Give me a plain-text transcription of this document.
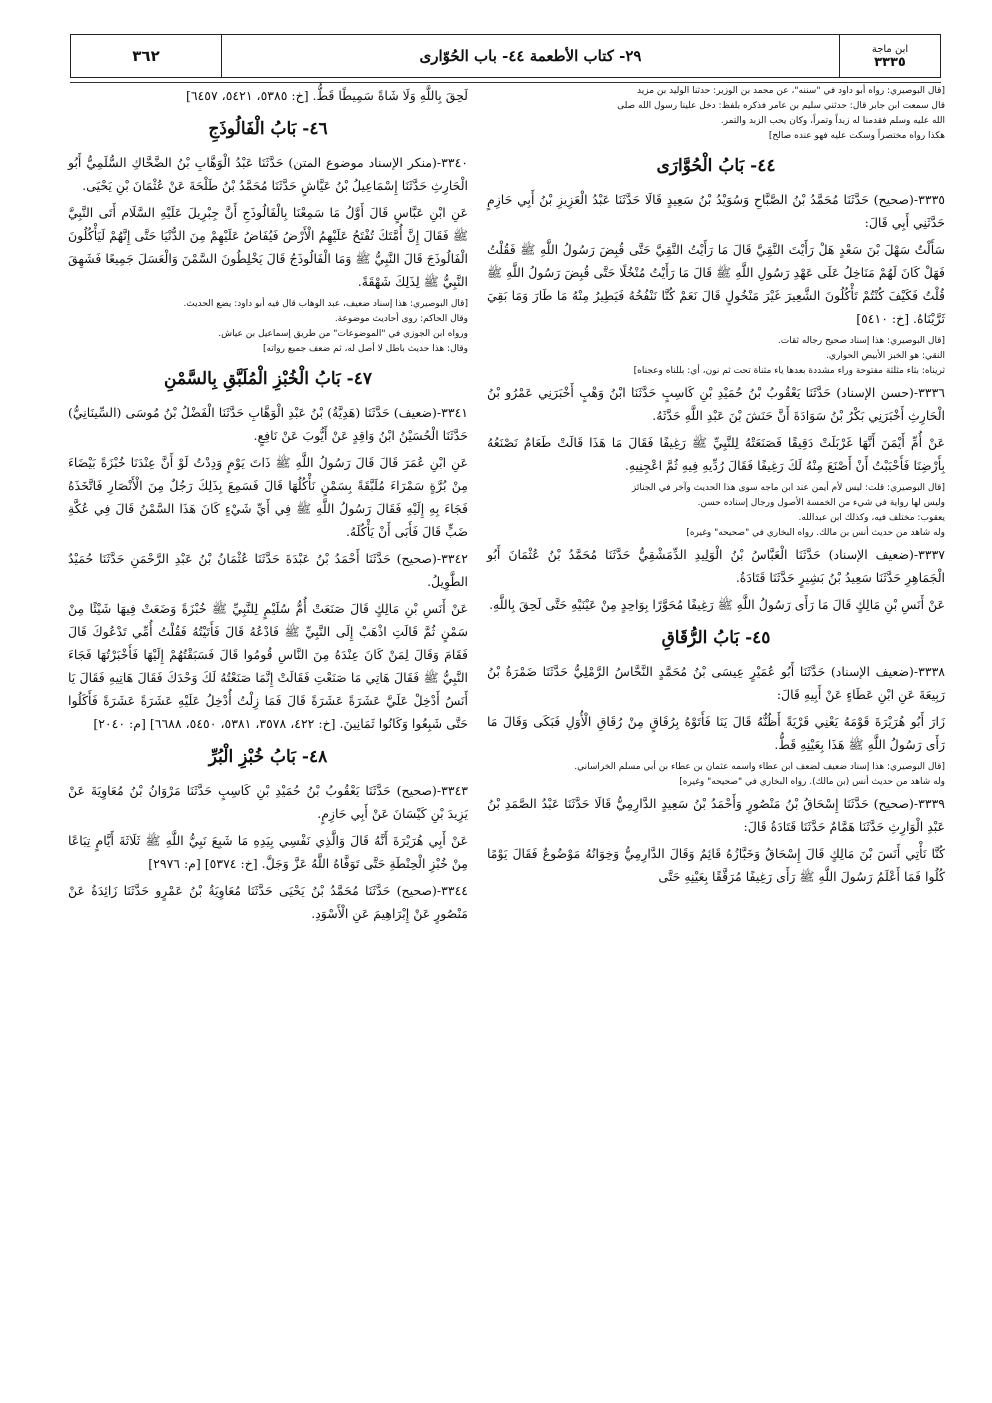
ابن ماجة
٣٣٣٥
٢٩- كتاب الأطعمة ٤٤- باب الحُوّارى
٣٦٢

[قال البوصيري: رواه أبو داود في "سننه"، عن محمد بن الوزير: حدثنا الوليد بن مزيد

قال سمعت ابن جابر قال: حدثني سليم بن عامر فذكره بلفظ: دخل علينا رسول الله صلى

الله عليه وسلم فقدمنا له زبداً وتمراً، وكان يحب الزبد والتمر.

هكذا رواه مختصراً وسكت عليه فهو عنده صالح]

٤٤- بَابُ الْحُوَّارَى

٣٣٣٥-(صحيح) حَدَّثَنَا مُحَمَّدُ بْنُ الصَّبَّاحِ وَسُوَيْدُ بْنُ سَعِيدٍ قَالَا حَدَّثَنَا عَبْدُ الْعَزِيزِ بْنُ أَبِي حَازِمٍ حَدَّثَنِي أَبِي قَالَ:

سَأَلْتُ سَهْلَ بْنَ سَعْدٍ هَلْ رَأَيْتَ النَّقِيَّ قَالَ مَا رَأَيْتُ النَّقِيَّ حَتَّى قُبِضَ رَسُولُ اللَّهِ ﷺ فَقُلْتُ فَهَلْ كَانَ لَهُمْ مَنَاخِلُ عَلَى عَهْدِ رَسُولِ اللَّهِ ﷺ قَالَ مَا رَأَيْتُ مُنْخُلًا حَتَّى قُبِضَ رَسُولُ اللَّهِ ﷺ قُلْتُ فَكَيْفَ كُنْتُمْ تَأْكُلُونَ الشَّعِيرَ غَيْرَ مَنْخُولٍ قَالَ نَعَمْ كُنَّا نَنْفُخُهُ فَيَطِيرُ مِنْهُ مَا طَارَ وَمَا بَقِيَ ثَرَّيْنَاهُ. [خ: ٥٤١٠]

[قال البوصيري: هذا إسناد صحيح رجاله ثقات.

النقي: هو الخبز الأبيض الحواري.

ثريناه: بثاء مثلثة مفتوحة وراء مشددة بعدها ياء مثناة تحت ثم نون، أي: بللناه وعجناه]

٣٣٣٦-(حسن الإسناد) حَدَّثَنَا يَعْقُوبُ بْنُ حُمَيْدِ بْنِ كَاسِبٍ حَدَّثَنَا ابْنُ وَهْبٍ أَخْبَرَنِي عَمْرُو بْنُ الْحَارِثِ أَخْبَرَنِي بَكْرُ بْنُ سَوَادَةَ أَنَّ حَنَشَ بْنَ عَبْدِ اللَّهِ حَدَّثَهُ.

عَنْ أُمِّ أَيْمَنَ أَنَّهَا غَرْبَلَتْ دَقِيقًا فَصَنَعَتْهُ لِلنَّبِيِّ ﷺ رَغِيفًا فَقَالَ مَا هَذَا قَالَتْ طَعَامٌ نَصْنَعُهُ بِأَرْضِنَا فَأَحْبَبْتُ أَنْ أَصْنَعَ مِنْهُ لَكَ رَغِيفًا فَقَالَ رُدِّيهِ فِيهِ ثُمَّ اعْجِنِيهِ.

[قال البوصيري: قلت: ليس لأم أيمن عند ابن ماجه سوى هذا الحديث وآخر في الجنائز

وليس لها رواية في شيء من الخمسة الأصول ورجال إسناده حسن.

يعقوب: مختلف فيه، وكذلك ابن عبدالله.

وله شاهد من حديث أنس بن مالك. رواه البخاري في "صحيحه" وغيره]

٣٣٣٧-(ضعيف الإسناد) حَدَّثَنَا الْعَبَّاسُ بْنُ الْوَلِيدِ الدِّمَشْقِيُّ حَدَّثَنَا مُحَمَّدُ بْنُ عُثْمَانَ أَبُو الْجَمَاهِرِ حَدَّثَنَا سَعِيدُ بْنُ بَشِيرٍ حَدَّثَنَا قَتَادَةُ.

عَنْ أَنَسِ بْنِ مَالِكٍ قَالَ مَا رَأَى رَسُولُ اللَّهِ ﷺ رَغِيفًا مُحَوَّرًا بِوَاحِدٍ مِنْ عَيْنَيْهِ حَتَّى لَحِقَ بِاللَّهِ.

٤٥- بَابُ الرُّقَاقِ

٣٣٣٨-(ضعيف الإسناد) حَدَّثَنَا أَبُو عُمَيْرٍ عِيسَى بْنُ مُحَمَّدٍ النَّحَّاسُ الرَّمْلِيُّ حَدَّثَنَا ضَمْرَةُ بْنُ رَبِيعَةَ عَنِ ابْنِ عَطَاءٍ عَنْ أَبِيهِ قَالَ:

زَارَ أَبُو هُرَيْرَةَ قَوْمَهُ يَعْنِي قَرْيَةً أَظُنُّهُ قَالَ يَنَا فَأَتَوْهُ بِرُقَاقٍ مِنْ رُقَاقِ الْأُوَلِ فَبَكَى وَقَالَ مَا رَأَى رَسُولُ اللَّهِ ﷺ هَذَا بِعَيْنِهِ قَطُّ.

[قال البوصيري: هذا إسناد ضعيف لضعف ابن عطاء واسمه عثمان بن عطاء بن أبي مسلم الخراساني.

وله شاهد من حديث أنس (بن مالك). رواه البخاري في "صحيحه" وغيره]

٣٣٣٩-(صحيح) حَدَّثَنَا إِسْحَاقُ بْنُ مَنْصُورٍ وَأَحْمَدُ بْنُ سَعِيدٍ الدَّارِمِيُّ قَالَا حَدَّثَنَا عَبْدُ الصَّمَدِ بْنُ عَبْدِ الْوَارِثِ حَدَّثَنَا هَمَّامٌ حَدَّثَنَا قَتَادَةُ قَالَ:

كُنَّا نَأْتِي أَنَسَ بْنَ مَالِكٍ قَالَ إِسْحَاقُ وَخَبَّازُهُ قَائِمٌ وَقَالَ الدَّارِمِيُّ وَخِوَانُهُ مَوْضُوعٌ فَقَالَ يَوْمًا كُلُوا فَمَا أَعْلَمُ رَسُولَ اللَّهِ ﷺ رَأَى رَغِيفًا مُرَقَّقًا بِعَيْنِهِ حَتَّى

لَحِقَ بِاللَّهِ وَلَا شَاةً سَمِيطًا قَطُّ. [خ: ٥٣٨٥، ٥٤٢١، ٦٤٥٧]

٤٦- بَابُ الْفَالُوذَجِ

٣٣٤٠-(منكر الإسناد موضوع المتن) حَدَّثَنَا عَبْدُ الْوَهَّابِ بْنُ الضَّحَّاكِ السُّلَمِيُّ أَبُو الْحَارِثِ حَدَّثَنَا إِسْمَاعِيلُ بْنُ عَيَّاشٍ حَدَّثَنَا مُحَمَّدُ بْنُ طَلْحَةَ عَنْ عُثْمَانَ بْنِ يَحْيَى.

عَنِ ابْنِ عَبَّاسٍ قَالَ أَوَّلُ مَا سَمِعْنَا بِالْفَالُوذَجِ أَنَّ جِبْرِيلَ عَلَيْهِ السَّلَام أَتَى النَّبِيَّ ﷺ فَقَالَ إِنَّ أُمَّتَكَ تُفْتَحُ عَلَيْهِمُ الْأَرْضُ فَيُفَاضُ عَلَيْهِمْ مِنَ الدُّنْيَا حَتَّى إِنَّهُمْ لَيَأْكُلُونَ الْفَالُوذَجَ قَالَ النَّبِيُّ ﷺ وَمَا الْفَالُوذَجُ قَالَ يَخْلِطُونَ السَّمْنَ وَالْعَسَلَ جَمِيعًا فَشَهِقَ النَّبِيُّ ﷺ لِذَلِكَ شَهْقَةً.

[قال البوصيري: هذا إسناد ضعيف، عبد الوهاب قال فيه أبو داود: يضع الحديث.

وقال الحاكم: روى أحاديث موضوعة.

ورواه ابن الجوزي في "الموضوعات" من طريق إسماعيل بن عياش.

وقال: هذا حديث باطل لا أصل له، ثم ضعف جميع رواته]

٤٧- بَابُ الْخُبْزِ الْمُلَبَّقِ بِالسَّمْنِ

٣٣٤١-(ضعيف) حَدَّثَنَا (هَدِيَّةُ) بْنُ عَبْدِ الْوَهَّابِ حَدَّثَنَا الْفَضْلُ بْنُ مُوسَى (السِّينَانِيُّ) حَدَّثَنَا الْحُسَيْنُ ابْنُ وَاقِدٍ عَنْ أَيُّوبَ عَنْ نَافِعٍ.

عَنِ ابْنِ عُمَرَ قَالَ قَالَ رَسُولُ اللَّهِ ﷺ ذَاتَ يَوْمٍ وَدِدْتُ لَوْ أَنَّ عِنْدَنَا خُبْزَةً بَيْضَاءَ مِنْ بُرَّةٍ سَمْرَاءَ مُلَبَّقَةً بِسَمْنٍ نَأْكُلُهَا قَالَ فَسَمِعَ بِذَلِكَ رَجُلٌ مِنَ الْأَنْصَارِ فَاتَّخَذَهُ فَجَاءَ بِهِ إِلَيْهِ فَقَالَ رَسُولُ اللَّهِ ﷺ فِي أَيِّ شَيْءٍ كَانَ هَذَا السَّمْنُ قَالَ فِي عُكَّةِ ضَبٍّ قَالَ فَأَبَى أَنْ يَأْكُلَهُ.

٣٣٤٢-(صحيح) حَدَّثَنَا أَحْمَدُ بْنُ عَبْدَةَ حَدَّثَنَا عُثْمَانُ بْنُ عَبْدِ الرَّحْمَنِ حَدَّثَنَا حُمَيْدٌ الطَّوِيلُ.

عَنْ أَنَسِ بْنِ مَالِكٍ قَالَ صَنَعَتْ أُمُّ سُلَيْمٍ لِلنَّبِيِّ ﷺ خُبْزَةً وَضَعَتْ فِيهَا شَيْئًا مِنْ سَمْنٍ ثُمَّ قَالَتِ اذْهَبْ إِلَى النَّبِيِّ ﷺ فَادْعُهُ قَالَ فَأَتَيْتُهُ فَقُلْتُ أُمِّي تَدْعُوكَ قَالَ فَقَامَ وَقَالَ لِمَنْ كَانَ عِنْدَهُ مِنَ النَّاسِ قُومُوا قَالَ فَسَبَقْتُهُمْ إِلَيْهَا فَأَخْبَرْتُهَا فَجَاءَ النَّبِيُّ ﷺ فَقَالَ هَاتِي مَا صَنَعْتِ فَقَالَتْ إِنَّمَا صَنَعْتُهُ لَكَ وَحْدَكَ فَقَالَ هَاتِيهِ فَقَالَ يَا أَنَسُ أَدْخِلْ عَلَيَّ عَشَرَةً عَشَرَةً قَالَ فَمَا زِلْتُ أُدْخِلُ عَلَيْهِ عَشَرَةً عَشَرَةً فَأَكَلُوا حَتَّى شَبِعُوا وَكَانُوا ثَمَانِينَ. [خ: ٤٢٢، ٣٥٧٨، ٥٣٨١، ٥٤٥٠، ٦٦٨٨] [م: ٢٠٤٠]

٤٨- بَابُ خُبْزِ الْبُرِّ

٣٣٤٣-(صحيح) حَدَّثَنَا يَعْقُوبُ بْنُ حُمَيْدِ بْنِ كَاسِبٍ حَدَّثَنَا مَرْوَانُ بْنُ مُعَاوِيَةَ عَنْ يَزِيدَ بْنِ كَيْسَانَ عَنْ أَبِي حَازِمٍ.

عَنْ أَبِي هُرَيْرَةَ أَنَّهُ قَالَ وَالَّذِي نَفْسِي بِيَدِهِ مَا شَبِعَ نَبِيُّ اللَّهِ ﷺ ثَلَاثَةَ أَيَّامٍ تِبَاعًا مِنْ خُبْزِ الْحِنْطَةِ حَتَّى تَوَفَّاهُ اللَّهُ عَزَّ وَجَلَّ. [خ: ٥٣٧٤] [م: ٢٩٧٦]

٣٣٤٤-(صحيح) حَدَّثَنَا مُحَمَّدُ بْنُ يَحْيَى حَدَّثَنَا مُعَاوِيَةُ بْنُ عَمْرٍو حَدَّثَنَا زَائِدَةُ عَنْ مَنْصُورٍ عَنْ إِبْرَاهِيمَ عَنِ الْأَسْوَدِ.
